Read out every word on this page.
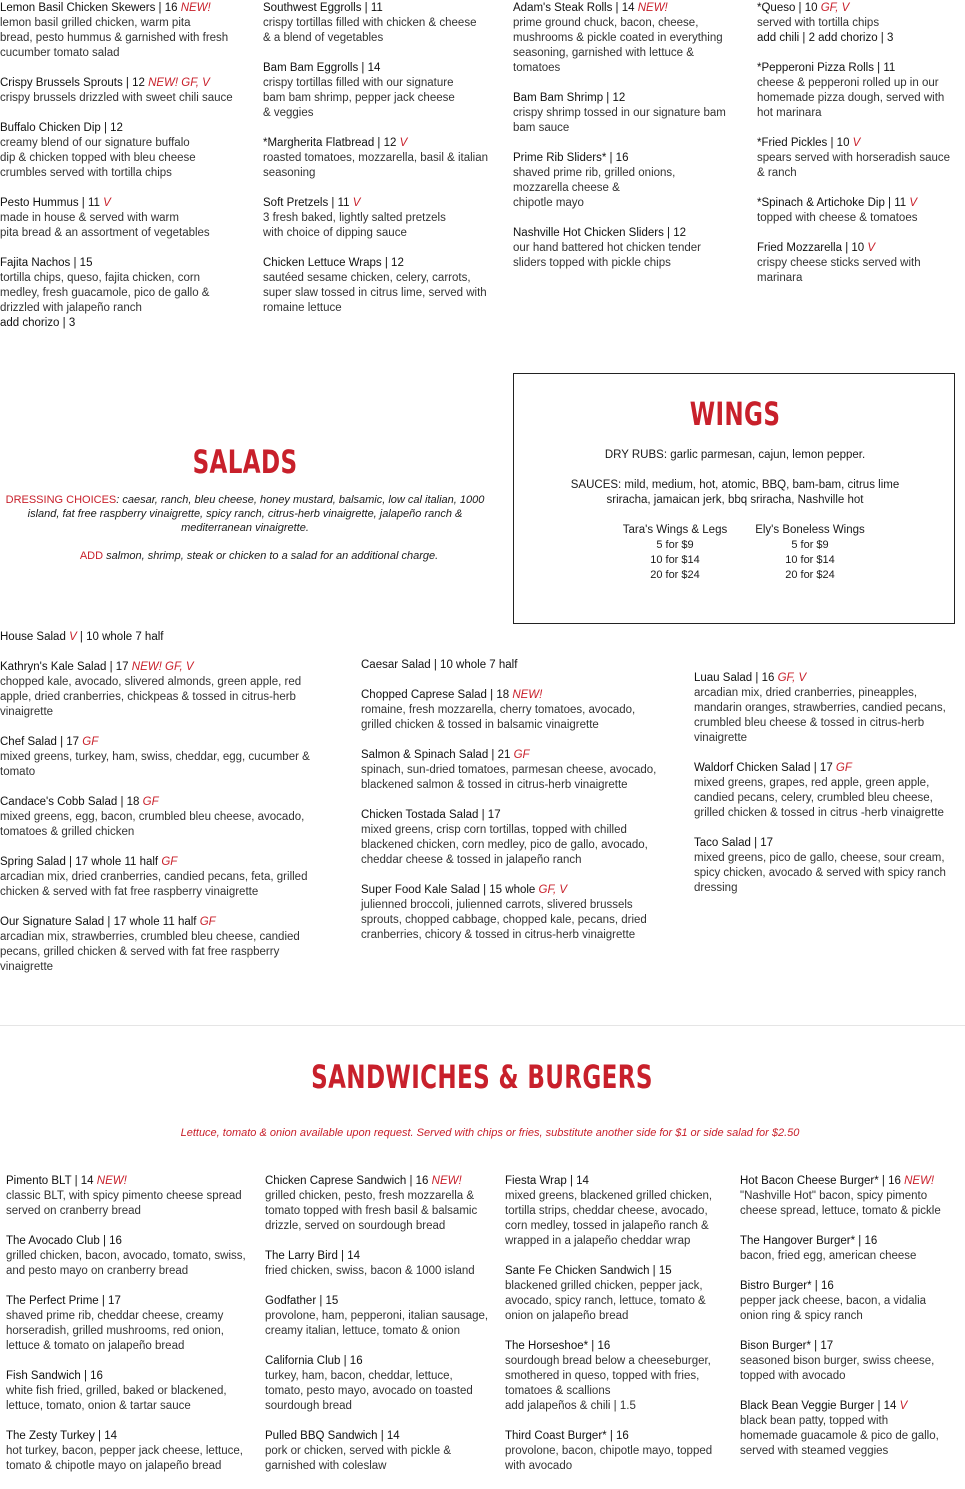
Lemon Basil Chicken Skewers | 16 NEW!
lemon basil grilled chicken, warm pita
bread, pesto hummus & garnished with fresh
cucumber tomato salad
Crispy Brussels Sprouts | 12 NEW! GF, V
crispy brussels drizzled with sweet chili sauce
Buffalo Chicken Dip | 12
creamy blend of our signature buffalo
dip & chicken topped with bleu cheese
crumbles served with tortilla chips
Pesto Hummus | 11 V
made in house & served with warm
pita bread & an assortment of vegetables
Fajita Nachos | 15
tortilla chips, queso, fajita chicken, corn
medley, fresh guacamole, pico de gallo &
drizzled with jalapeño ranch
add chorizo | 3
Southwest Eggrolls | 11
crispy tortillas filled with chicken & cheese
& a blend of vegetables
Bam Bam Eggrolls | 14
crispy tortillas filled with our signature
bam bam shrimp, pepper jack cheese
& veggies
*Margherita Flatbread | 12 V
roasted tomatoes, mozzarella, basil & italian
seasoning
Soft Pretzels | 11 V
3 fresh baked, lightly salted pretzels
with choice of dipping sauce
Chicken Lettuce Wraps | 12
sautéed sesame chicken, celery, carrots,
super slaw tossed in citrus lime, served with
romaine lettuce
Adam's Steak Rolls | 14 NEW!
prime ground chuck, bacon, cheese,
mushrooms & pickle coated in everything
seasoning, garnished with lettuce &
tomatoes
Bam Bam Shrimp | 12
crispy shrimp tossed in our signature bam
bam sauce
Prime Rib Sliders* | 16
shaved prime rib, grilled onions,
mozzarella cheese &
chipotle mayo
Nashville Hot Chicken Sliders | 12
our hand battered hot chicken tender
sliders topped with pickle chips
*Queso | 10 GF, V
served with tortilla chips
add chili | 2 add chorizo | 3
*Pepperoni Pizza Rolls | 11
cheese & pepperoni rolled up in our
homemade pizza dough, served with
hot marinara
*Fried Pickles | 10 V
spears served with horseradish sauce
& ranch
*Spinach & Artichoke Dip | 11 V
topped with cheese & tomatoes
Fried Mozzarella | 10 V
crispy cheese sticks served with
marinara
SALADS
DRESSING CHOICES: caesar, ranch, bleu cheese, honey mustard, balsamic, low cal italian, 1000
island, fat free raspberry vinaigrette, spicy ranch, citrus-herb vinaigrette, jalapeño ranch &
mediterranean vinaigrette.
ADD salmon, shrimp, steak or chicken to a salad for an additional charge.
WINGS
DRY RUBS: garlic parmesan, cajun, lemon pepper.
SAUCES: mild, medium, hot, atomic, BBQ, bam-bam, citrus lime
sriracha, jamaican jerk, bbq sriracha, Nashville hot
Tara's Wings & Legs
5 for $9
10 for $14
20 for $24
Ely's Boneless Wings
5 for $9
10 for $14
20 for $24
House Salad V | 10 whole 7 half
Kathryn's Kale Salad | 17 NEW! GF, V
chopped kale, avocado, slivered almonds, green apple, red
apple, dried cranberries, chickpeas & tossed in citrus-herb
vinaigrette
Chef Salad | 17 GF
mixed greens, turkey, ham, swiss, cheddar, egg, cucumber &
tomato
Candace's Cobb Salad | 18 GF
mixed greens, egg, bacon, crumbled bleu cheese, avocado,
tomatoes & grilled chicken
Spring Salad | 17 whole 11 half GF
arcadian mix, dried cranberries, candied pecans, feta, grilled
chicken & served with fat free raspberry vinaigrette
Our Signature Salad | 17 whole 11 half GF
arcadian mix, strawberries, crumbled bleu cheese, candied
pecans, grilled chicken & served with fat free raspberry
vinaigrette
Caesar Salad | 10 whole 7 half
Chopped Caprese Salad | 18 NEW!
romaine, fresh mozzarella, cherry tomatoes, avocado,
grilled chicken & tossed in balsamic vinaigrette
Salmon & Spinach Salad | 21 GF
spinach, sun-dried tomatoes, parmesan cheese, avocado,
blackened salmon & tossed in citrus-herb vinaigrette
Chicken Tostada Salad | 17
mixed greens, crisp corn tortillas, topped with chilled
blackened chicken, corn medley, pico de gallo, avocado,
cheddar cheese & tossed in jalapeño ranch
Super Food Kale Salad | 15 whole GF, V
julienned broccoli, julienned carrots, slivered brussels
sprouts, chopped cabbage, chopped kale, pecans, dried
cranberries, chicory & tossed in citrus-herb vinaigrette
Luau Salad | 16 GF, V
arcadian mix, dried cranberries, pineapples,
mandarin oranges, strawberries, candied pecans,
crumbled bleu cheese & tossed in citrus-herb
vinaigrette
Waldorf Chicken Salad | 17 GF
mixed greens, grapes, red apple, green apple,
candied pecans, celery, crumbled bleu cheese,
grilled chicken & tossed in citrus -herb vinaigrette
Taco Salad | 17
mixed greens, pico de gallo, cheese, sour cream,
spicy chicken, avocado & served with spicy ranch
dressing
SANDWICHES & BURGERS
Lettuce, tomato & onion available upon request. Served with chips or fries, substitute another side for $1 or side salad for $2.50
Pimento BLT | 14 NEW!
classic BLT, with spicy pimento cheese spread
served on cranberry bread
The Avocado Club | 16
grilled chicken, bacon, avocado, tomato, swiss,
and pesto mayo on cranberry bread
The Perfect Prime | 17
shaved prime rib, cheddar cheese, creamy
horseradish, grilled mushrooms, red onion,
lettuce & tomato on jalapeño bread
Fish Sandwich | 16
white fish fried, grilled, baked or blackened,
lettuce, tomato, onion & tartar sauce
The Zesty Turkey | 14
hot turkey, bacon, pepper jack cheese, lettuce,
tomato & chipotle mayo on jalapeño bread
Chicken Caprese Sandwich | 16 NEW!
grilled chicken, pesto, fresh mozzarella &
tomato topped with fresh basil & balsamic
drizzle, served on sourdough bread
The Larry Bird | 14
fried chicken, swiss, bacon & 1000 island
Godfather | 15
provolone, ham, pepperoni, italian sausage,
creamy italian, lettuce, tomato & onion
California Club | 16
turkey, ham, bacon, cheddar, lettuce,
tomato, pesto mayo, avocado on toasted
sourdough bread
Pulled BBQ Sandwich | 14
pork or chicken, served with pickle &
garnished with coleslaw
Fiesta Wrap | 14
mixed greens, blackened grilled chicken,
tortilla strips, cheddar cheese, avocado,
corn medley, tossed in jalapeño ranch &
wrapped in a jalapeño cheddar wrap
Sante Fe Chicken Sandwich | 15
blackened grilled chicken, pepper jack,
avocado, spicy ranch, lettuce, tomato &
onion on jalapeño bread
The Horseshoe* | 16
sourdough bread below a cheeseburger,
smothered in queso, topped with fries,
tomatoes & scallions
add jalapeños & chili | 1.5
Third Coast Burger* | 16
provolone, bacon, chipotle mayo, topped
with avocado
Hot Bacon Cheese Burger* | 16 NEW!
"Nashville Hot" bacon, spicy pimento
cheese spread, lettuce, tomato & pickle
The Hangover Burger* | 16
bacon, fried egg, american cheese
Bistro Burger* | 16
pepper jack cheese, bacon, a vidalia
onion ring & spicy ranch
Bison Burger* | 17
seasoned bison burger, swiss cheese,
topped with avocado
Black Bean Veggie Burger | 14 V
black bean patty, topped with
homemade guacamole & pico de gallo,
served with steamed veggies
